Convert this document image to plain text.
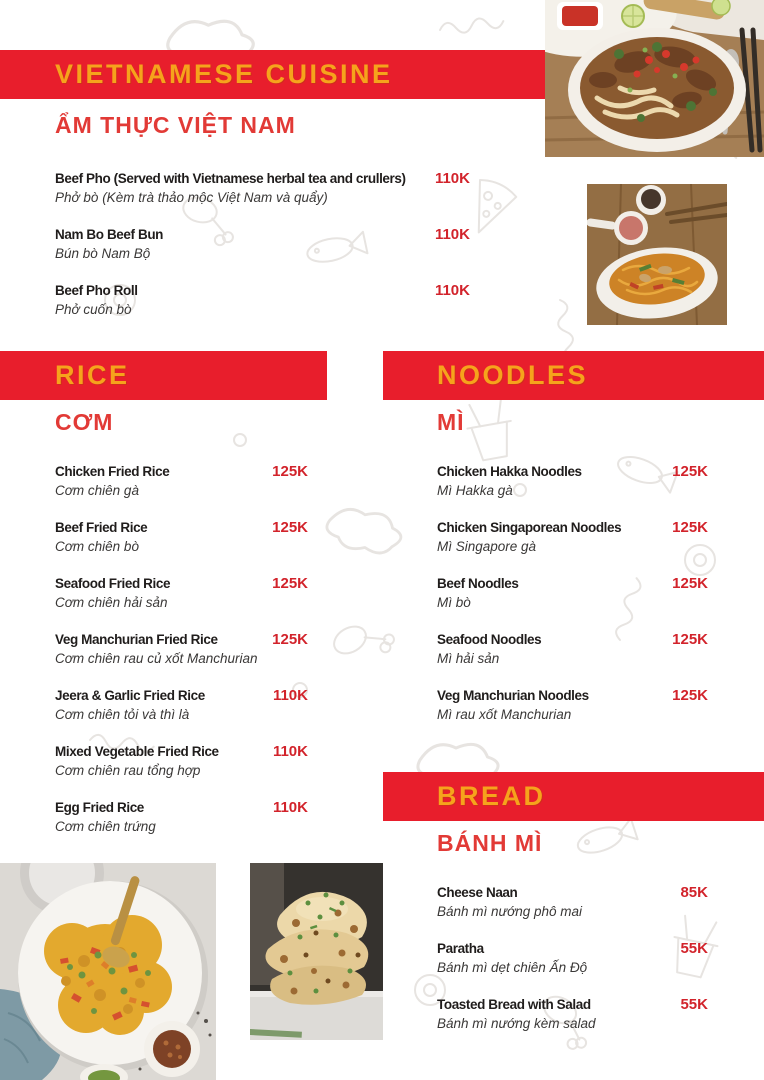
VIETNAMESE CUISINE
ẨM THỰC VIỆT NAM
Beef Pho (Served with Vietnamese herbal tea and crullers) 110K
Phở bò (Kèm trà thảo mộc Việt Nam và quẩy)
Nam Bo Beef Bun	110K
Bún bò Nam Bộ
Beef Pho Roll	110K
Phở cuốn bò
RICE
CƠM
Chicken Fried Rice	125K
Cơm chiên gà
Beef Fried Rice	125K
Cơm chiên bò
Seafood Fried Rice	125K
Cơm chiên hải sản
Veg Manchurian Fried Rice	125K
Cơm chiên rau củ xốt Manchurian
Jeera & Garlic Fried Rice	110K
Cơm chiên tỏi và thì là
Mixed Vegetable Fried Rice	110K
Cơm chiên rau tổng hợp
Egg Fried Rice	110K
Cơm chiên trứng
NOODLES
MÌ
Chicken Hakka Noodles	125K
Mì Hakka gà
Chicken Singaporean Noodles	125K
Mì Singapore gà
Beef Noodles	125K
Mì bò
Seafood Noodles	125K
Mì hải sản
Veg Manchurian Noodles	125K
Mì rau xốt Manchurian
BREAD
BÁNH MÌ
Cheese Naan	85K
Bánh mì nướng phô mai
Paratha	55K
Bánh mì dẹt chiên Ấn Độ
Toasted Bread with Salad	55K
Bánh mì nướng kèm salad
